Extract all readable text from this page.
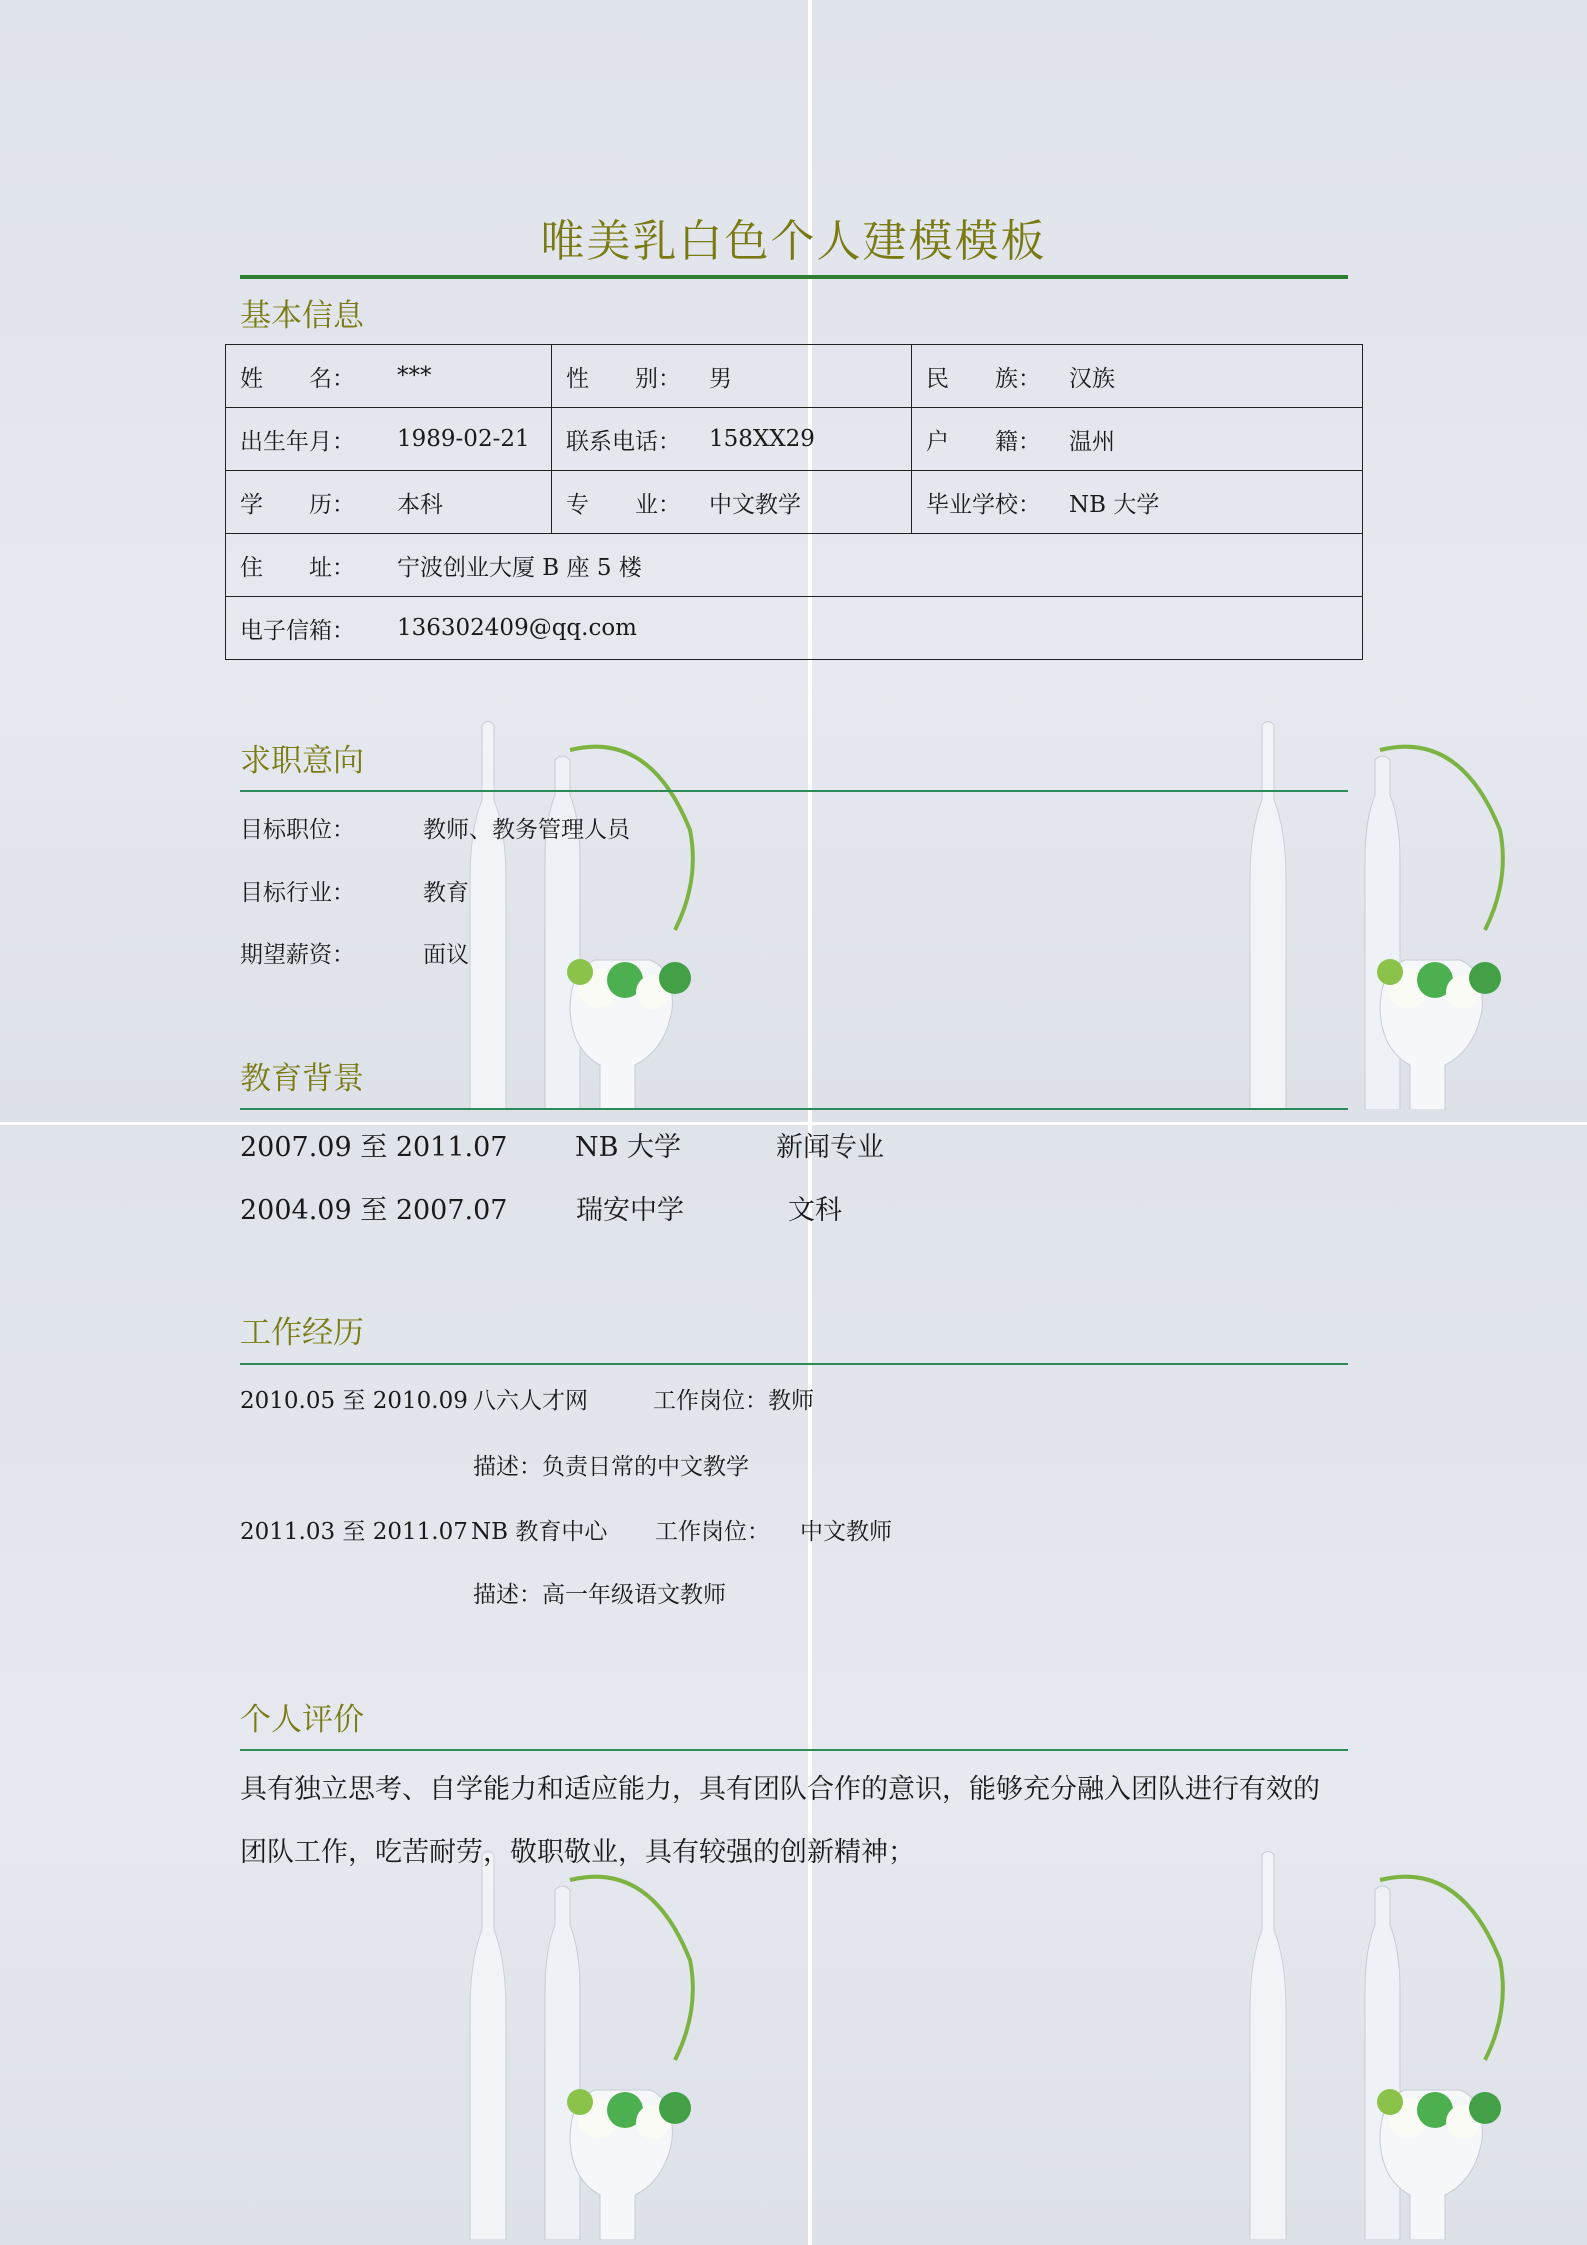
唯美乳白色个人建模模板
基本信息
姓　　名： ***	性　　别： 男	民　　族： 汉族

出生年月： 1989-02-21	联系电话： 158XX29	户　　籍： 温州

学　　历： 本科	专　　业： 中文教学	毕业学校： NB 大学

住　　址： 宁波创业大厦 B 座 5 楼		

电子信箱： 136302409@qq.com		
求职意向
目标职位：	教师、教务管理人员
目标行业：	教育
期望薪资：	面议
教育背景
2007.09 至 2011.07	NB 大学	新闻专业
2004.09 至 2007.07	瑞安中学	文科
工作经历
2010.05 至 2010.09 八六人才网	工作岗位：教师
描述：负责日常的中文教学
2011.03 至 2011.07 NB 教育中心 工作岗位： 中文教师
描述：高一年级语文教师
个人评价
具有独立思考、自学能力和适应能力，具有团队合作的意识，能够充分融入团队进行有效的
团队工作，吃苦耐劳，敬职敬业，具有较强的创新精神；
